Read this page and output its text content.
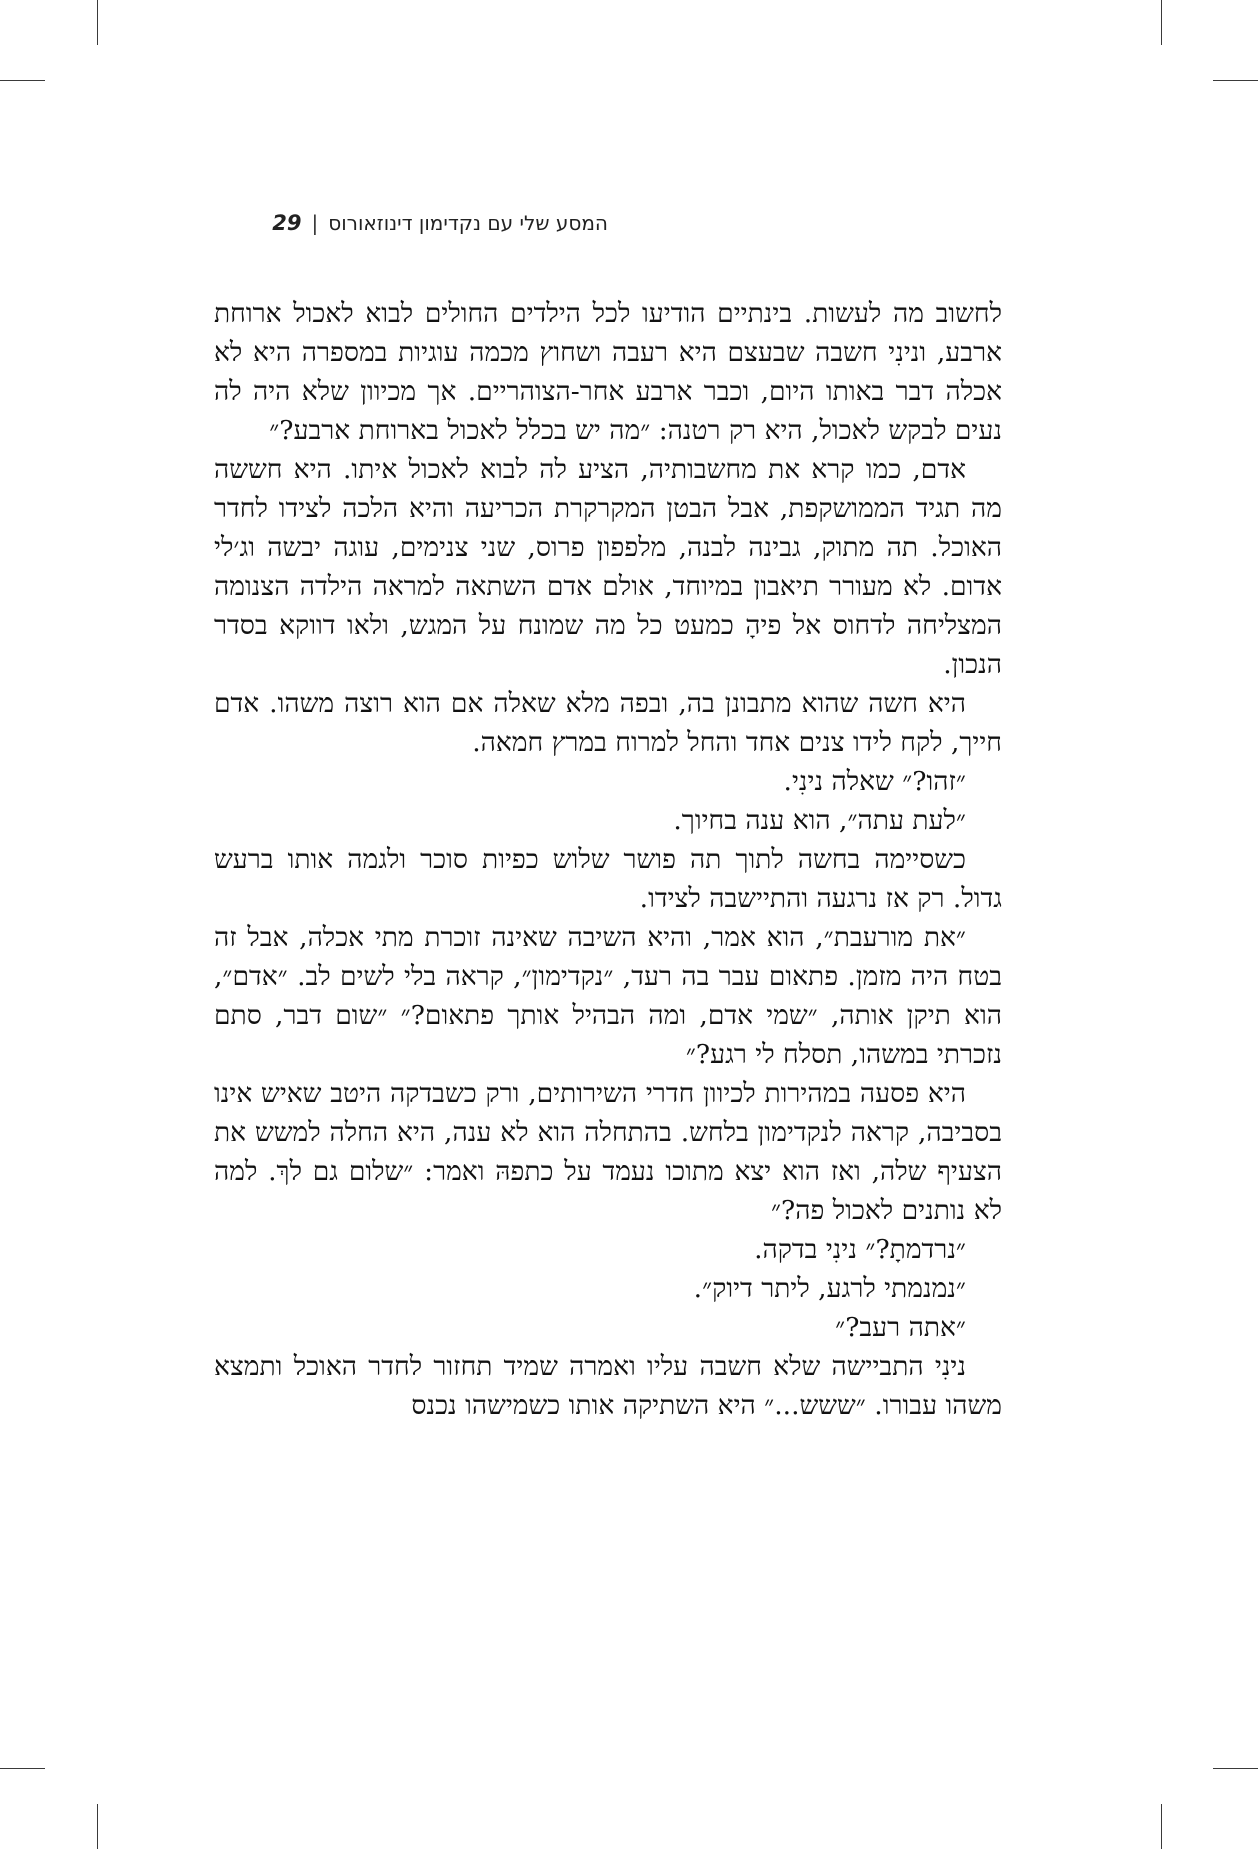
המסע שלי עם נקדימון דינוזאורוס
|
29

לחשוב מה לעשות. בינתיים הודיעו לכל הילדים החולים לבוא לאכול ארוחת ארבע, ונינִי חשבה שבעצם היא רעבה ושחוץ מכמה עוגיות במספרה היא לא אכלה דבר באותו היום, וכבר ארבע אחר-הצוהריים. אך מכיוון שלא היה לה נעים לבקש לאכול, היא רק רטנה: ״מה יש בכלל לאכול בארוחת ארבע?״

אדם, כמו קרא את מחשבותיה, הציע לה לבוא לאכול איתו. היא חששה מה תגיד הממושקפת, אבל הבטן המקרקרת הכריעה והיא הלכה לצידו לחדר האוכל. תה מתוק, גבינה לבנה, מלפפון פרוס, שני צנימים, עוגה יבשה וג׳לי אדום. לא מעורר תיאבון במיוחד, אולם אדם השתאה למראה הילדה הצנומה המצליחה לדחוס אל פיהָ כמעט כל מה שמונח על המגש, ולאו דווקא בסדר הנכון.

היא חשה שהוא מתבונן בה, ובפה מלא שאלה אם הוא רוצה משהו. אדם חייך, לקח לידו צנים אחד והחל למרוח במרץ חמאה.

״זהו?״ שאלה נינִי.

״לעת עתה״, הוא ענה בחיוך.

כשסיימה בחשה לתוך תה פושר שלוש כפיות סוכר ולגמה אותו ברעש גדול. רק אז נרגעה והתיישבה לצידו.

״את מורעבת״, הוא אמר, והיא השיבה שאינה זוכרת מתי אכלה, אבל זה בטח היה מזמן. פתאום עבר בה רעד, ״נקדימון״, קראה בלי לשים לב. ״אדם״, הוא תיקן אותה, ״שמי אדם, ומה הבהיל אותך פתאום?״ ״שום דבר, סתם נזכרתי במשהו, תסלח לי רגע?״

היא פסעה במהירות לכיוון חדרי השירותים, ורק כשבדקה היטב שאיש אינו בסביבה, קראה לנקדימון בלחש. בהתחלה הוא לא ענה, היא החלה למשש את הצעיף שלה, ואז הוא יצא מתוכו נעמד על כתפהּ ואמר: ״שלום גם לךְ. למה לא נותנים לאכול פה?״

״נרדמתָ?״ נינִי בדקה.

״נמנמתי לרגע, ליתר דיוק״.

״אתה רעב?״

נינִי התביישה שלא חשבה עליו ואמרה שמיד תחזור לחדר האוכל ותמצא משהו עבורו. ״ששש...״ היא השתיקה אותו כשמישהו נכנס
